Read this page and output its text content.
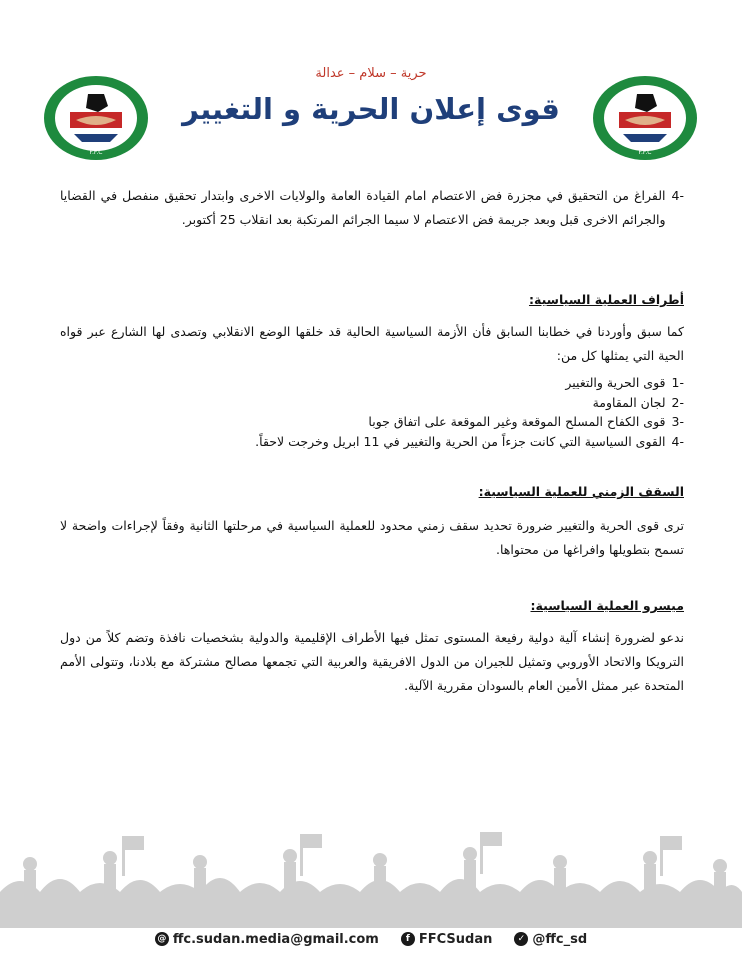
حرية – سلام – عدالة
قوى إعلان الحرية و التغيير
F.F.C	F.F.C
-4
الفراغ من التحقيق في مجزرة فض الاعتصام امام القيادة العامة والولايات الاخرى وابتدار تحقيق منفصل في القضايا والجرائم الاخرى قبل وبعد جريمة فض الاعتصام لا سيما الجرائم المرتكبة بعد انقلاب 25 أكتوبر.
أطراف العملية السياسية:
كما سبق وأوردنا في خطابنا السابق فأن الأزمة السياسية الحالية قد خلقها الوضع الانقلابي وتصدى لها الشارع عبر قواه الحية التي يمثلها كل من:
-1
قوى الحرية والتغيير
-2
لجان المقاومة
-3
قوى الكفاح المسلح الموقعة وغير الموقعة على اتفاق جوبا
-4
القوى السياسية التي كانت جزءاً من الحرية والتغيير في 11 ابريل وخرجت لاحقاً.
السقف الزمني للعملية السياسية:
ترى قوى الحرية والتغيير ضرورة تحديد سقف زمني محدود للعملية السياسية في مرحلتها الثانية وفقاً لإجراءات واضحة لا تسمح بتطويلها وافراغها من محتواها.
ميسرو العملية السياسية:
ندعو لضرورة إنشاء آلية دولية رفيعة المستوى تمثل فيها الأطراف الإقليمية والدولية بشخصيات نافذة وتضم كلاً من دول الترويكا والاتحاد الأوروبي وتمثيل للجيران من الدول الافريقية والعربية التي تجمعها مصالح مشتركة مع بلادنا، وتتولى الأمم المتحدة عبر ممثل الأمين العام بالسودان مقررية الآلية.
@ ffc.sudan.media@gmail.com	f FFCSudan	✓ @ffc_sd
